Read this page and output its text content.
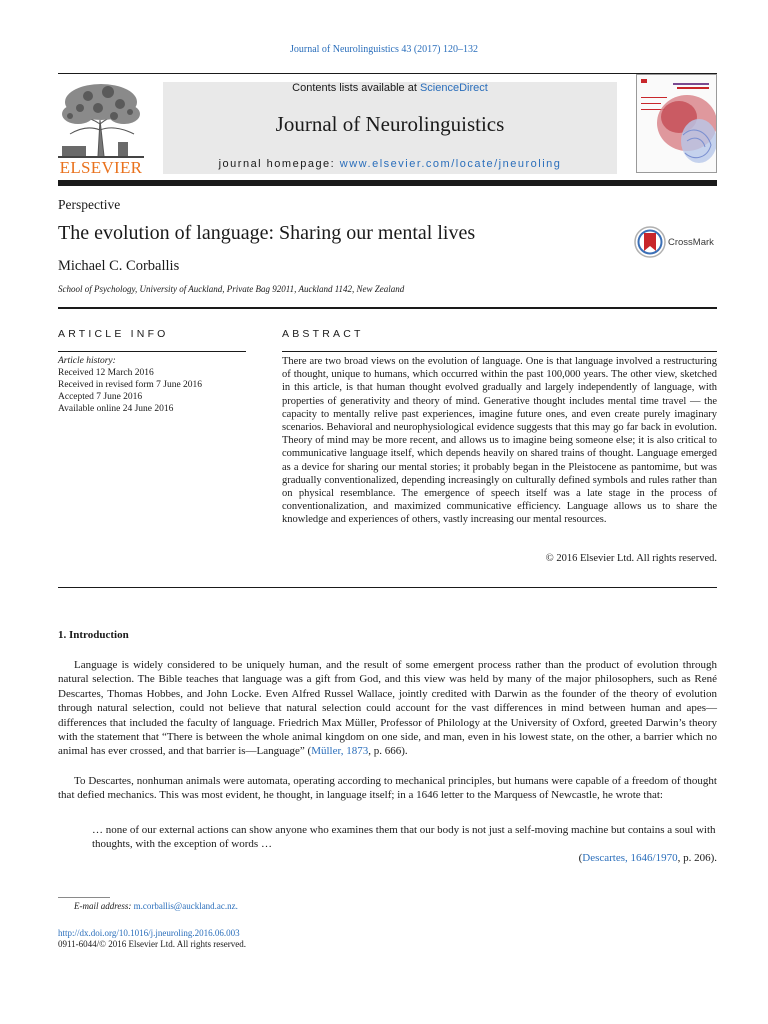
Journal of Neurolinguistics 43 (2017) 120–132
ELSEVIER
Contents lists available at ScienceDirect
Journal of Neurolinguistics
journal homepage: www.elsevier.com/locate/jneuroling
Perspective
The evolution of language: Sharing our mental lives	CrossMark
Michael C. Corballis
School of Psychology, University of Auckland, Private Bag 92011, Auckland 1142, New Zealand
ARTICLE INFO	ABSTRACT
Article history:
Received 12 March 2016
Received in revised form 7 June 2016
Accepted 7 June 2016
Available online 24 June 2016
There are two broad views on the evolution of language. One is that language involved a restructuring of thought, unique to humans, which occurred within the past 100,000 years. The other view, sketched in this article, is that human thought evolved gradually and largely independently of language, with properties of generativity and theory of mind. Generative thought includes mental time travel — the capacity to mentally relive past experiences, imagine future ones, and even create purely imaginary scenarios. Behavioral and neurophysiological evidence suggests that this may go far back in evolution. Theory of mind may be more recent, and allows us to imagine being someone else; it is also critical to communicative language itself, which depends heavily on shared trains of thought. Language emerged as a device for sharing our mental stories; it probably began in the Pleistocene as pantomime, but was gradually conventionalized, depending increasingly on culturally defined symbols and rules rather than on physical resemblance. The emergence of speech itself was a late stage in the process of conventionalization, and maximized communicative efficiency. Language allows us to share the knowledge and experiences of others, vastly increasing our mental resources.
© 2016 Elsevier Ltd. All rights reserved.
1. Introduction
Language is widely considered to be uniquely human, and the result of some emergent process rather than the product of evolution through natural selection. The Bible teaches that language was a gift from God, and this view was held by many of the major philosophers, such as René Descartes, Thomas Hobbes, and John Locke. Even Alfred Russel Wallace, jointly credited with Darwin as the founder of the theory of evolution through natural selection, could not believe that natural selection could account for the vast differences in mind between human and apes—differences that included the faculty of language. Friedrich Max Müller, Professor of Philology at the University of Oxford, greeted Darwin’s theory with the statement that “There is between the whole animal kingdom on one side, and man, even in his lowest state, on the other, a barrier which no animal has ever crossed, and that barrier is—Language” (Müller, 1873, p. 666).
To Descartes, nonhuman animals were automata, operating according to mechanical principles, but humans were capable of a freedom of thought that defied mechanics. This was most evident, he thought, in language itself; in a 1646 letter to the Marquess of Newcastle, he wrote that:
… none of our external actions can show anyone who examines them that our body is not just a self-moving machine but contains a soul with thoughts, with the exception of words …
(Descartes, 1646/1970, p. 206).
E-mail address: m.corballis@auckland.ac.nz.
http://dx.doi.org/10.1016/j.jneuroling.2016.06.003
0911-6044/© 2016 Elsevier Ltd. All rights reserved.
